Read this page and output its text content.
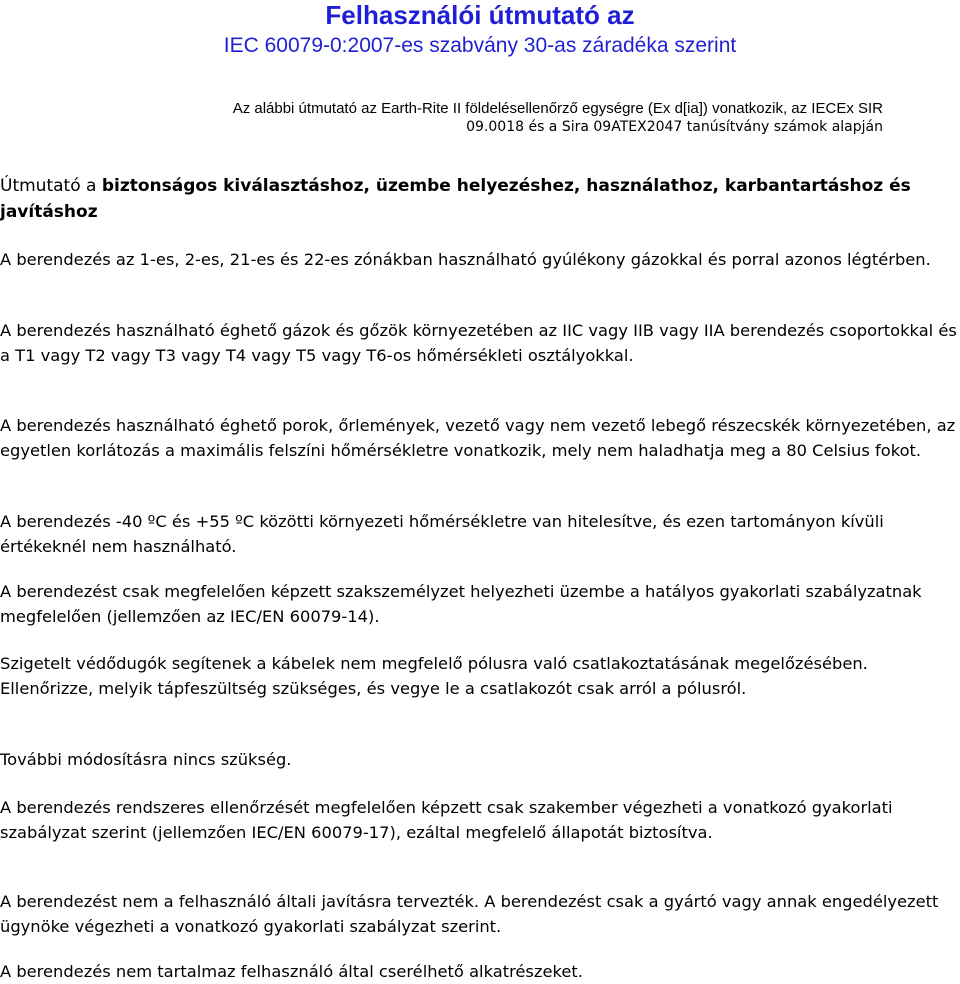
Felhasználói útmutató az
IEC 60079-0:2007-es szabvány 30-as záradéka szerint
Az alábbi útmutató az Earth-Rite II földelésellenőrző egységre (Ex d[ia]) vonatkozik, az IECEx SIR
09.0018 és a Sira 09ATEX2047 tanúsítvány számok alapján
Útmutató a biztonságos kiválasztáshoz, üzembe helyezéshez, használathoz, karbantartáshoz és javításhoz

A berendezés az 1-es, 2-es, 21-es és 22-es zónákban használható gyúlékony gázokkal és porral azonos légtérben.

A berendezés használható éghető gázok és gőzök környezetében az IIC vagy IIB vagy IIA berendezés csoportokkal és a T1 vagy T2 vagy T3 vagy T4 vagy T5 vagy T6-os hőmérsékleti osztályokkal.

A berendezés használható éghető porok, őrlemények, vezető vagy nem vezető lebegő részecskék környezetében, az egyetlen korlátozás a maximális felszíni hőmérsékletre vonatkozik, mely nem haladhatja meg a 80 Celsius fokot.

A berendezés -40 ºC és +55 ºC közötti környezeti hőmérsékletre van hitelesítve, és ezen tartományon kívüli értékeknél nem használható.

A berendezést csak megfelelően képzett szakszemélyzet helyezheti üzembe a hatályos gyakorlati szabályzatnak megfelelően (jellemzően az IEC/EN 60079-14).

Szigetelt védődugók segítenek a kábelek nem megfelelő pólusra való csatlakoztatásának megelőzésében. Ellenőrizze, melyik tápfeszültség szükséges, és vegye le a csatlakozót csak arról a pólusról.

További módosításra nincs szükség.

A berendezés rendszeres ellenőrzését megfelelően képzett csak szakember végezheti a vonatkozó gyakorlati szabályzat szerint (jellemzően IEC/EN 60079-17), ezáltal megfelelő állapotát biztosítva.

A berendezést nem a felhasználó általi javításra tervezték. A berendezést csak a gyártó vagy annak engedélyezett ügynöke végezheti a vonatkozó gyakorlati szabályzat szerint.

A berendezés nem tartalmaz felhasználó által cserélhető alkatrészeket.
